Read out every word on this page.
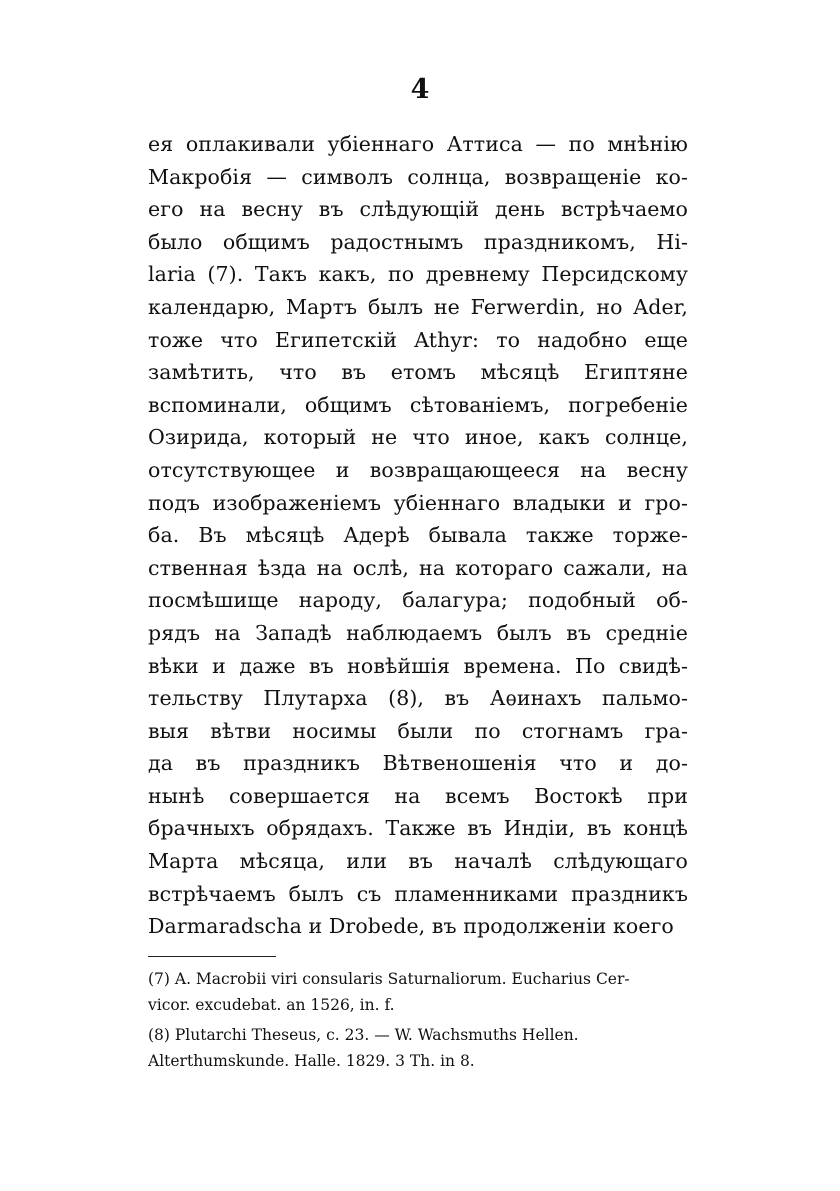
4
ея оплакивали убіеннаго Аттиса — по мнѣнію
Макробія — символъ солнца, возвращеніе ко-
его на весну въ слѣдующій день встрѣчаемо
было общимъ радостнымъ праздникомъ, Hi-
laria (7). Такъ какъ, по древнему Персидскому
календарю, Мартъ былъ не Ferwerdin, но Ader,
тоже что Египетскій Athyr: то надобно еще
замѣтить, что въ етомъ мѣсяцѣ Египтяне
вспоминали, общимъ сѣтованіемъ, погребеніе
Озирида, который не что иное, какъ солнце,
отсутствующее и возвращающееся на весну
подъ изображеніемъ убіеннаго владыки и гро-
ба. Въ мѣсяцѣ Адерѣ бывала также торже-
ственная ѣзда на ослѣ, на котораго сажали, на
посмѣшище народу, балагура; подобный об-
рядъ на Западѣ наблюдаемъ былъ въ средніе
вѣки и даже въ новѣйшія времена. По свидѣ-
тельству Плутарха (8), въ Аѳинахъ пальмо-
выя вѣтви носимы были по стогнамъ гра-
да въ праздникъ Вѣтвеношенія что и до-
нынѣ совершается на всемъ Востокѣ при
брачныхъ обрядахъ. Также въ Индіи, въ концѣ
Марта мѣсяца, или въ началѣ слѣдующаго
встрѣчаемъ былъ съ пламенниками праздникъ
Darmaradscha и Drobede, въ продолженіи коего
(7) A. Macrobii viri consularis Saturnaliorum. Eucharius Cer-
vicor. excudebat. an 1526, in. f.
(8) Plutarchi Theseus, c. 23. — W. Wachsmuths Hellen.
Alterthumskunde. Halle. 1829. 3 Th. in 8.
